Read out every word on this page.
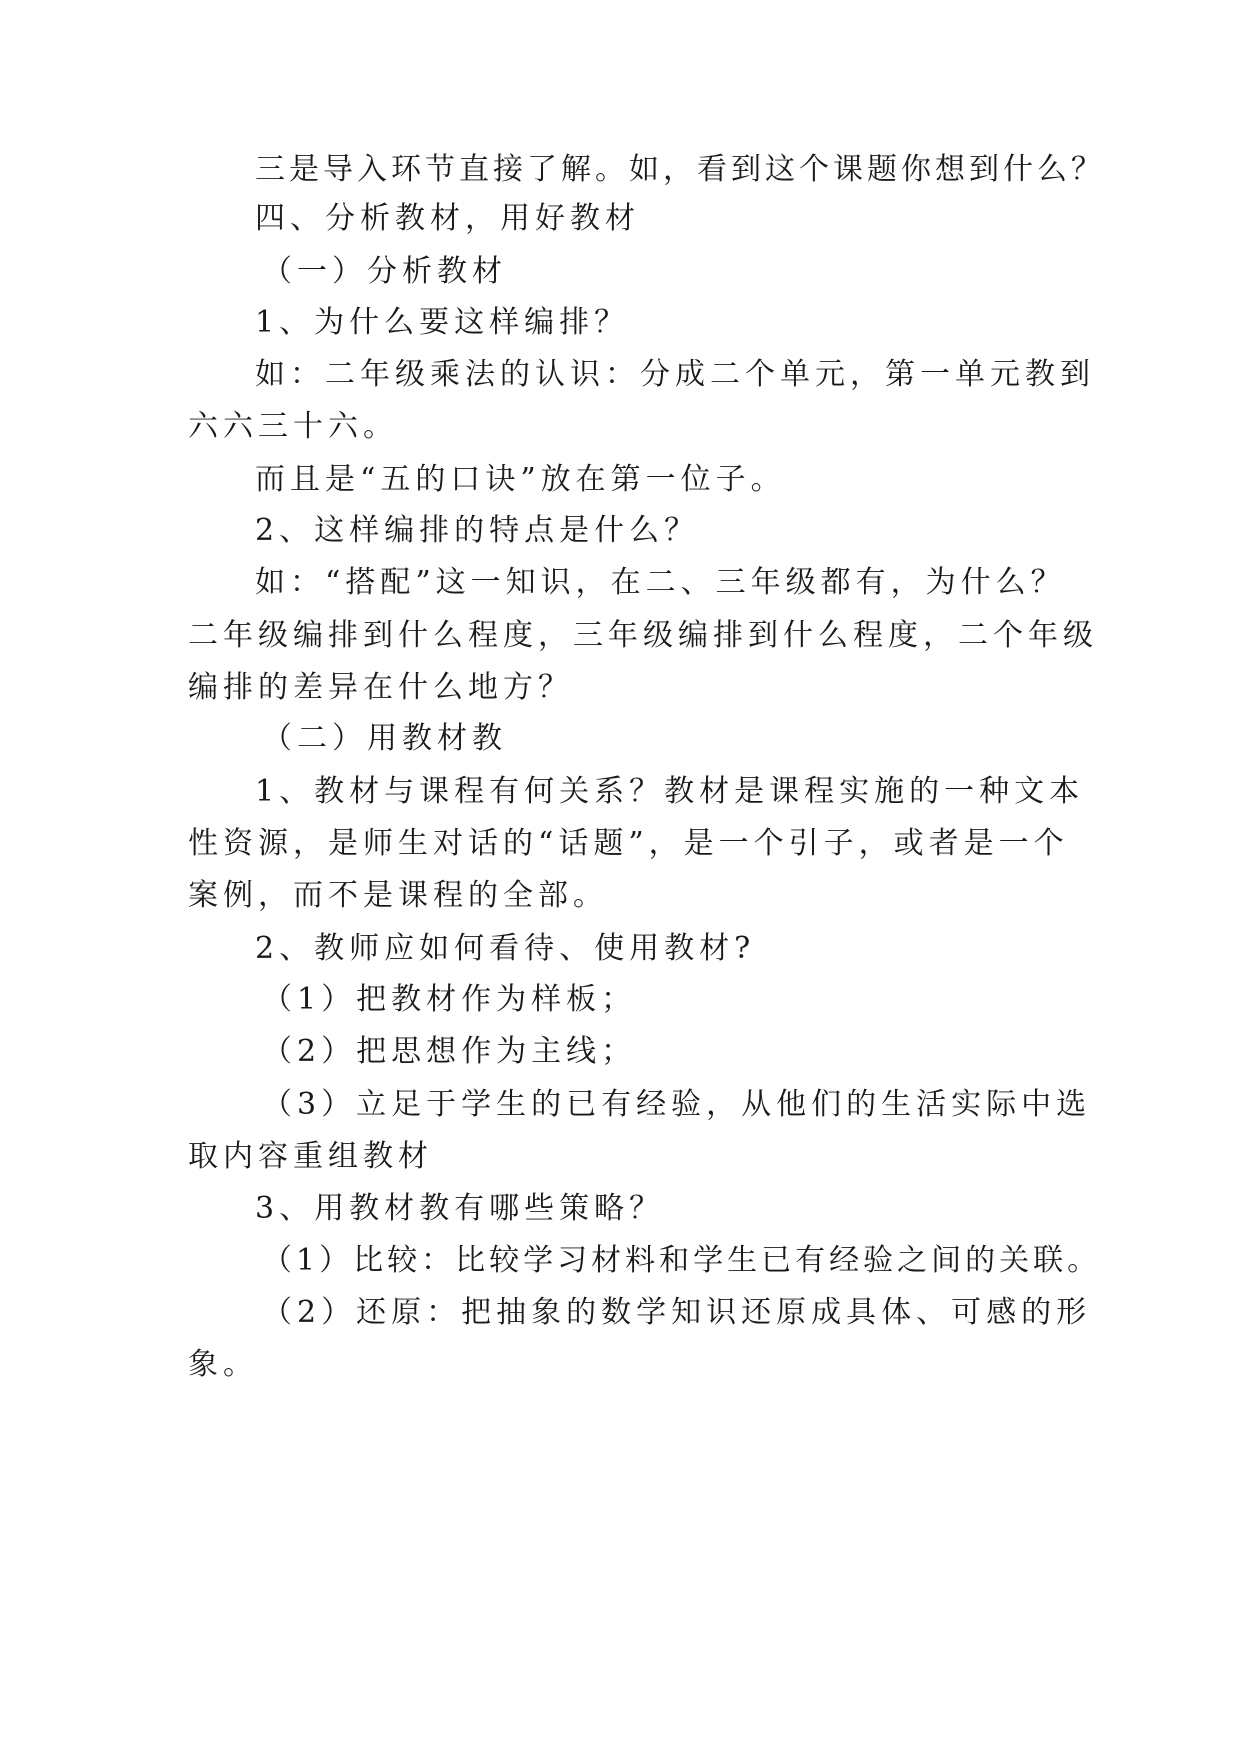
三是导入环节直接了解。如，看到这个课题你想到什么？
四、分析教材，用好教材
（一）分析教材
1、为什么要这样编排？
如：二年级乘法的认识：分成二个单元，第一单元教到
六六三十六。
而且是“五的口诀”放在第一位子。
2、这样编排的特点是什么？
如：“搭配”这一知识，在二、三年级都有，为什么？
二年级编排到什么程度，三年级编排到什么程度，二个年级
编排的差异在什么地方？
（二）用教材教
1、教材与课程有何关系？教材是课程实施的一种文本
性资源，是师生对话的“话题”，是一个引子，或者是一个
案例，而不是课程的全部。
2、教师应如何看待、使用教材?
（1）把教材作为样板；
（2）把思想作为主线；
（3）立足于学生的已有经验，从他们的生活实际中选
取内容重组教材
3、用教材教有哪些策略？
（1）比较：比较学习材料和学生已有经验之间的关联。
（2）还原：把抽象的数学知识还原成具体、可感的形
象。
